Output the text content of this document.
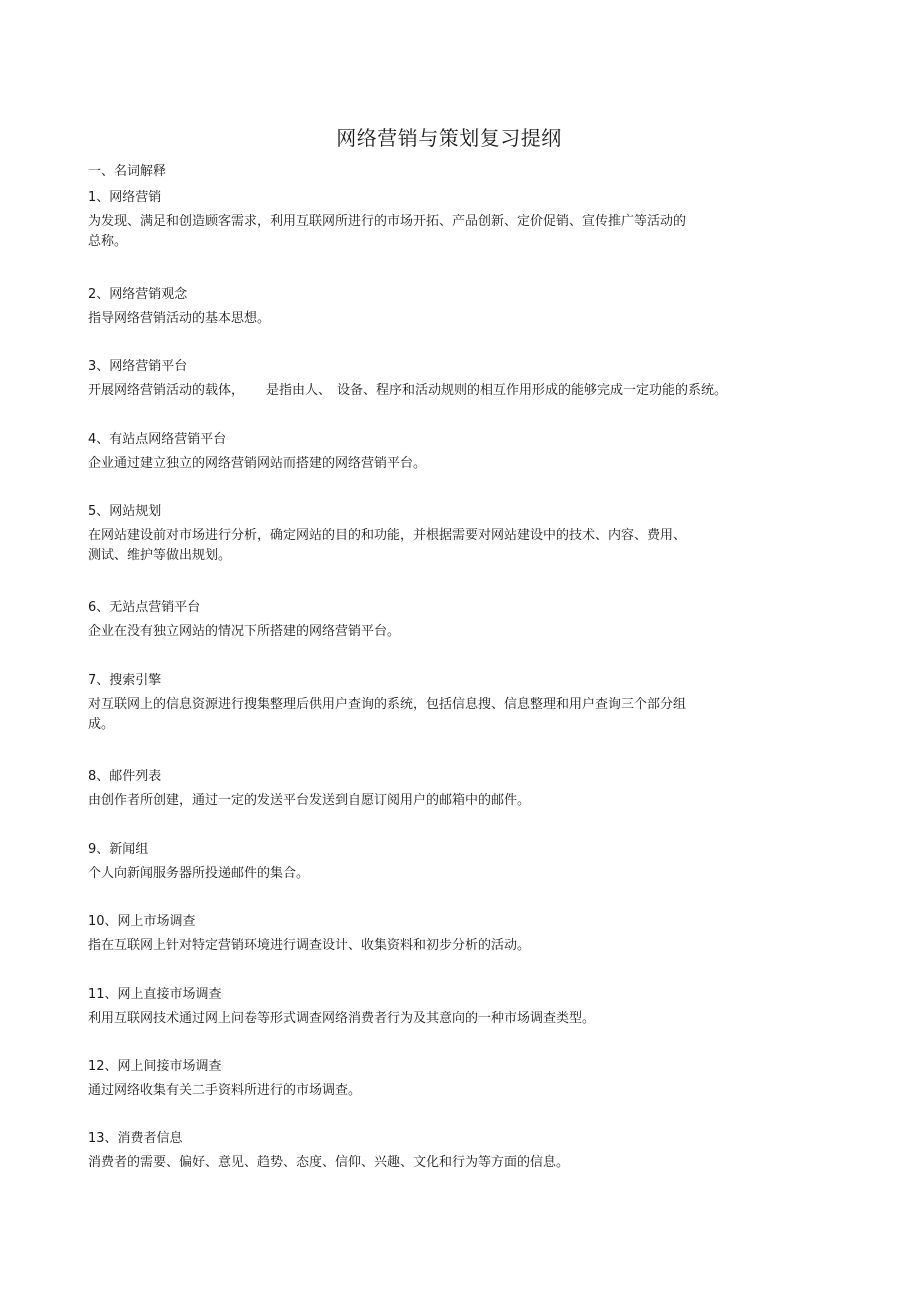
网络营销与策划复习提纲
一、名词解释

1、网络营销

为发现、满足和创造顾客需求，利用互联网所进行的市场开拓、产品创新、定价促销、宣传推广等活动的

总称。

2、网络营销观念

指导网络营销活动的基本思想。

3、网络营销平台

开展网络营销活动的载体， 是指由人、 设备、程序和活动规则的相互作用形成的能够完成一定功能的系统。

4、有站点网络营销平台

企业通过建立独立的网络营销网站而搭建的网络营销平台。

5、网站规划

在网站建设前对市场进行分析，确定网站的目的和功能，并根据需要对网站建设中的技术、内容、费用、

测试、维护等做出规划。

6、无站点营销平台

企业在没有独立网站的情况下所搭建的网络营销平台。

7、搜索引擎

对互联网上的信息资源进行搜集整理后供用户查询的系统，包括信息搜、信息整理和用户查询三个部分组

成。

8、邮件列表

由创作者所创建，通过一定的发送平台发送到自愿订阅用户的邮箱中的邮件。

9、新闻组

个人向新闻服务器所投递邮件的集合。

10、网上市场调查

指在互联网上针对特定营销环境进行调查设计、收集资料和初步分析的活动。

11、网上直接市场调查

利用互联网技术通过网上问卷等形式调查网络消费者行为及其意向的一种市场调查类型。

12、网上间接市场调查

通过网络收集有关二手资料所进行的市场调查。

13、消费者信息

消费者的需要、偏好、意见、趋势、态度、信仰、兴趣、文化和行为等方面的信息。
